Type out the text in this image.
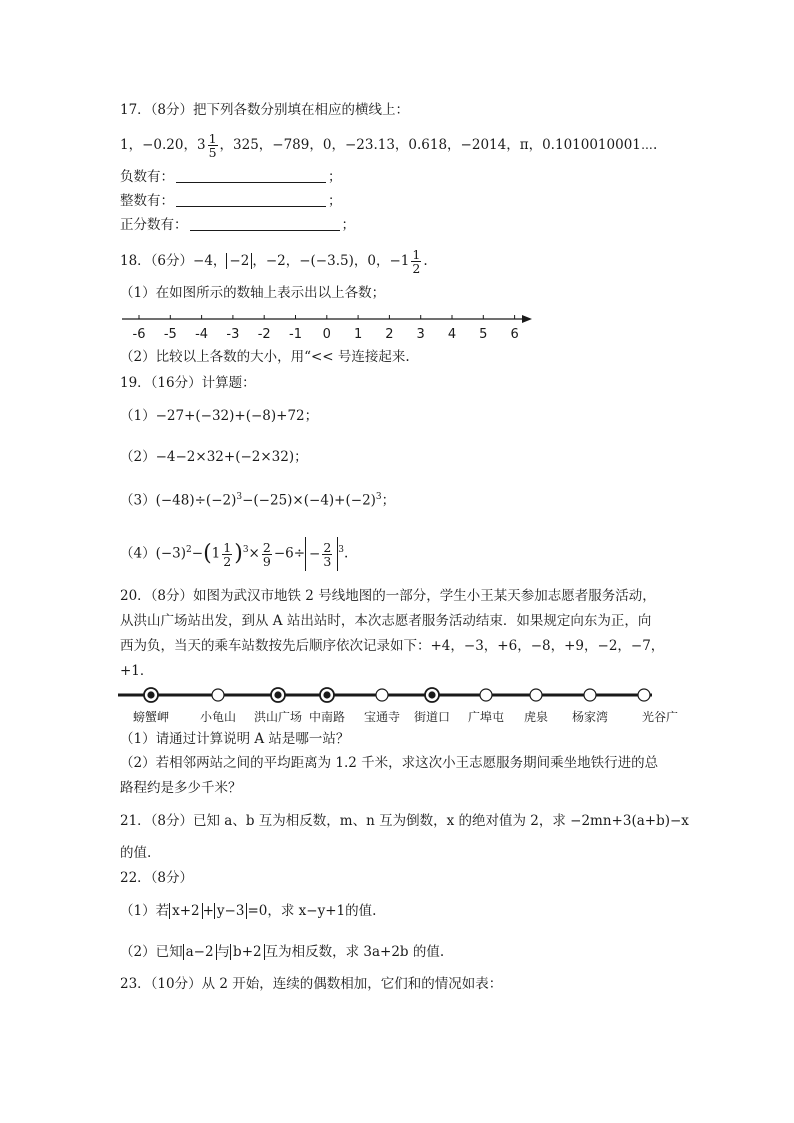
17．（8分）把下列各数分别填在相应的横线上：
1，−0.20，$3 \frac{1}{5}$ ，325，−789，0，−23.13，0.618，−2014，π，0.1010010001⋯.
负数有：	；
整数有：	；
正分数有：	；
18．（6分）−4， −2 ，−2，−(−3.5)，0，$-1 \frac{1}{2}$ .
（1）在如图所示的数轴上表示出以上各数；
-6 -5 -4 -3 -2 -1 0 1 2 3 4 5 6
（2）比较以上各数的大小，用“<< 号连接起来.
19．（16分）计算题：
（1）−27+(−32)+(−8)+72；
（2）−4−2×32+(−2×32)；
$(3)(-48)\div(-2)^3-(-25)\times(-4)+(-2)^3$；
$(4)(-3)^2-(1 \frac{1}{2} )^3\times \frac{2}{9} -6\div - \frac{2}{3} ^3$.
20．（8分）如图为武汉市地铁 2 号线地图的一部分，学生小王某天参加志愿者服务活动，
从洪山广场站出发，到从 A 站出站时，本次志愿者服务活动结束．如果规定向东为正，向
西为负，当天的乘车站数按先后顺序依次记录如下：+4，−3，+6，−8，+9，−2，−7，
+1．
螃蟹岬	小龟山 洪山广场 中南路 宝通寺 街道口 广埠屯 虎泉 杨家湾	光谷广
（1）请通过计算说明 A 站是哪一站？
（2）若相邻两站之间的平均距离为 1.2 千米，求这次小王志愿服务期间乘坐地铁行进的总
路程约是多少千米？
21．（8分）已知 a、b 互为相反数，m、n 互为倒数，x 的绝对值为 2，求 −2mn+3(a+b)−x
的值.
22．（8分）
（1）若 x+2 + y−3 =0，求 x−y+1的值.
（2）已知 a−2 与 b+2 互为相反数，求 3a+2b 的值.
23．（10分）从 2 开始，连续的偶数相加，它们和的情况如表：
